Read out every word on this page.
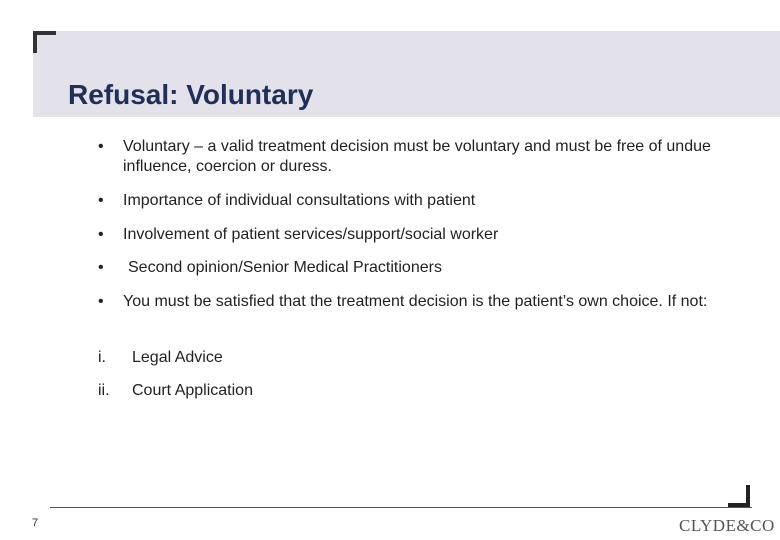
Refusal: Voluntary
•	Voluntary – a valid treatment decision must be voluntary and must be free of undue influence, coercion or duress.
•	Importance of individual consultations with patient
•	Involvement of patient services/support/social worker
•	Second opinion/Senior Medical Practitioners
•	You must be satisfied that the treatment decision is the patient’s own choice. If not:
i.	Legal Advice
ii.	Court Application
7	CLYDE&CO
